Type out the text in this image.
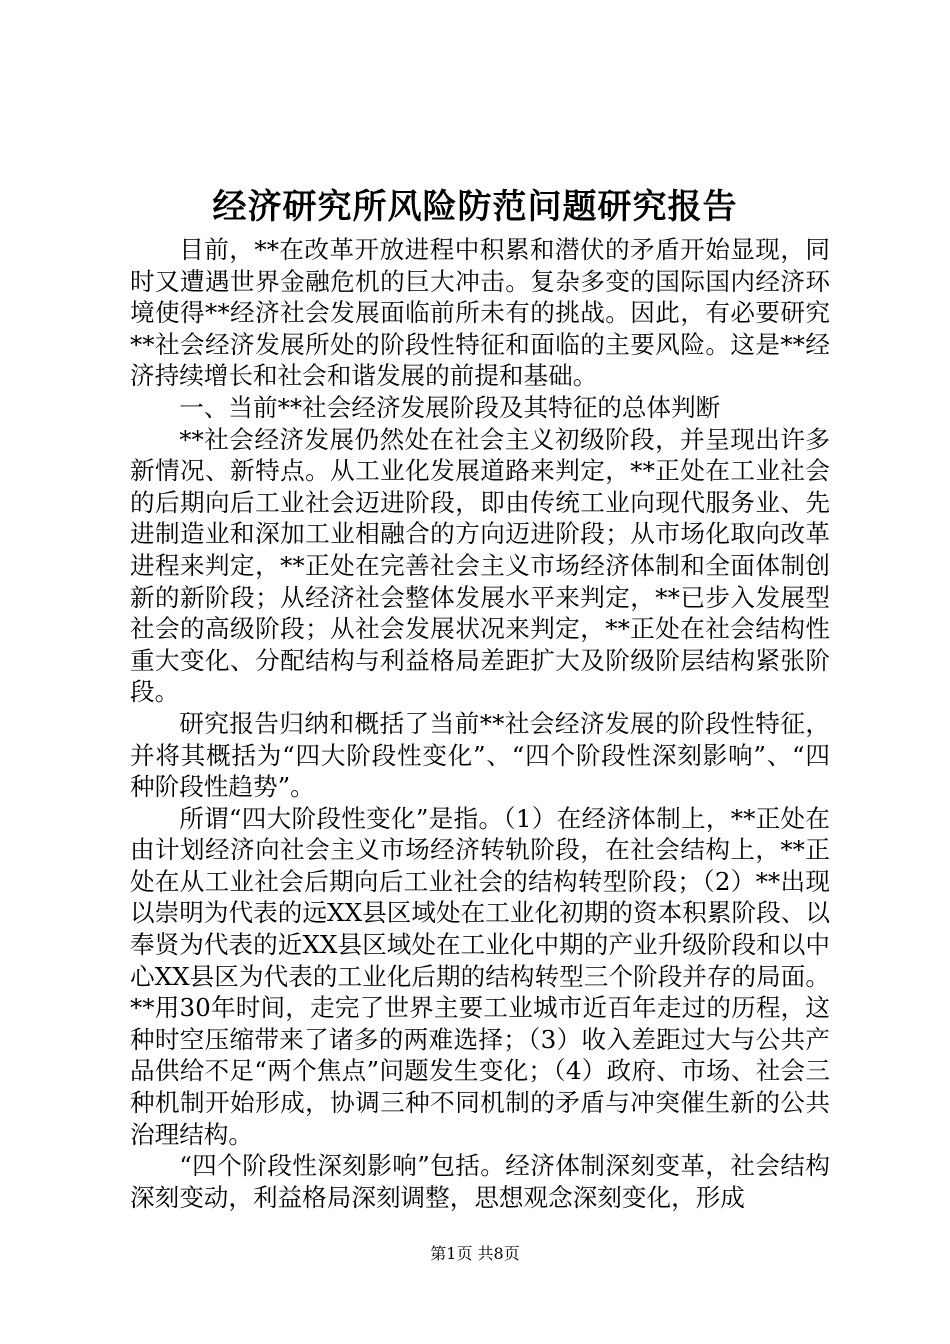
经济研究所风险防范问题研究报告

目前，**在改革开放进程中积累和潜伏的矛盾开始显现，同时又遭遇世界金融危机的巨大冲击。复杂多变的国际国内经济环境使得**经济社会发展面临前所未有的挑战。因此，有必要研究**社会经济发展所处的阶段性特征和面临的主要风险。这是**经济持续增长和社会和谐发展的前提和基础。

一、当前**社会经济发展阶段及其特征的总体判断

**社会经济发展仍然处在社会主义初级阶段，并呈现出许多新情况、新特点。从工业化发展道路来判定，**正处在工业社会的后期向后工业社会迈进阶段，即由传统工业向现代服务业、先进制造业和深加工业相融合的方向迈进阶段；从市场化取向改革进程来判定，**正处在完善社会主义市场经济体制和全面体制创新的新阶段；从经济社会整体发展水平来判定，**已步入发展型社会的高级阶段；从社会发展状况来判定，**正处在社会结构性重大变化、分配结构与利益格局差距扩大及阶级阶层结构紧张阶段。

研究报告归纳和概括了当前**社会经济发展的阶段性特征，并将其概括为“四大阶段性变化”、“四个阶段性深刻影响”、“四种阶段性趋势”。

所谓“四大阶段性变化”是指。（1）在经济体制上，**正处在由计划经济向社会主义市场经济转轨阶段，在社会结构上，**正处在从工业社会后期向后工业社会的结构转型阶段；（2）**出现以崇明为代表的远XX县区域处在工业化初期的资本积累阶段、以奉贤为代表的近XX县区域处在工业化中期的产业升级阶段和以中心XX县区为代表的工业化后期的结构转型三个阶段并存的局面。**用30年时间，走完了世界主要工业城市近百年走过的历程，这种时空压缩带来了诸多的两难选择；（3）收入差距过大与公共产品供给不足“两个焦点”问题发生变化；（4）政府、市场、社会三种机制开始形成，协调三种不同机制的矛盾与冲突催生新的公共治理结构。

“四个阶段性深刻影响”包括。经济体制深刻变革，社会结构深刻变动，利益格局深刻调整，思想观念深刻变化，形成

第1页 共8页
